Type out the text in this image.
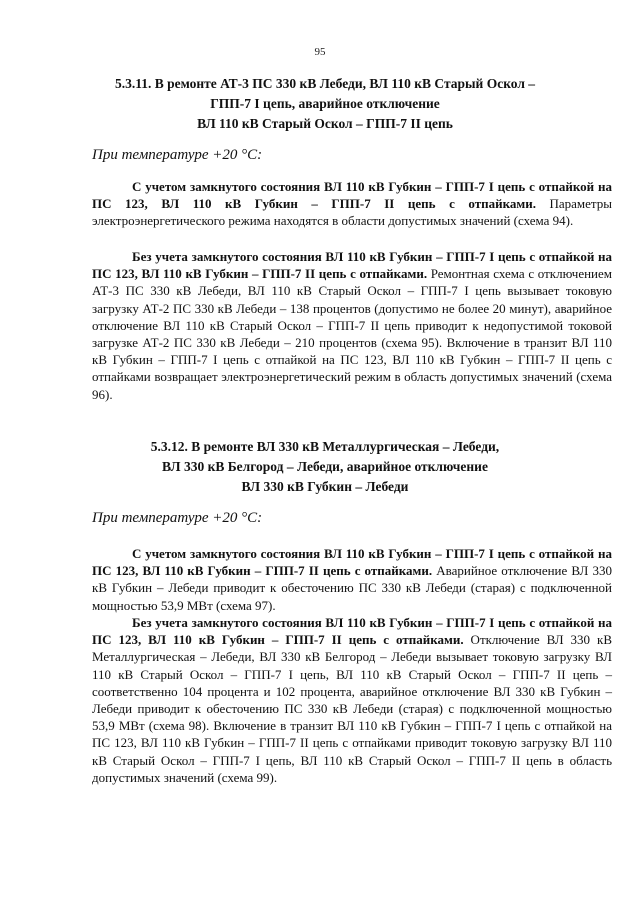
95
5.3.11. В ремонте АТ-3 ПС 330 кВ Лебеди, ВЛ 110 кВ Старый Оскол –
ГПП-7 I цепь, аварийное отключение
ВЛ 110 кВ Старый Оскол – ГПП-7 II цепь
При температуре +20 °С:
С учетом замкнутого состояния ВЛ 110 кВ Губкин – ГПП-7 I цепь с отпайкой на ПС 123, ВЛ 110 кВ Губкин – ГПП-7 II цепь с отпайками. Параметры электроэнергетического режима находятся в области допустимых значений (схема 94).
Без учета замкнутого состояния ВЛ 110 кВ Губкин – ГПП-7 I цепь с отпайкой на ПС 123, ВЛ 110 кВ Губкин – ГПП-7 II цепь с отпайками. Ремонтная схема с отключением АТ-3 ПС 330 кВ Лебеди, ВЛ 110 кВ Старый Оскол – ГПП-7 I цепь вызывает токовую загрузку АТ-2 ПС 330 кВ Лебеди – 138 процентов (допустимо не более 20 минут), аварийное отключение ВЛ 110 кВ Старый Оскол – ГПП-7 II цепь приводит к недопустимой токовой загрузке АТ-2 ПС 330 кВ Лебеди – 210 процентов (схема 95). Включение в транзит ВЛ 110 кВ Губкин – ГПП-7 I цепь с отпайкой на ПС 123, ВЛ 110 кВ Губкин – ГПП-7 II цепь с отпайками возвращает электроэнергетический режим в область допустимых значений (схема 96).
5.3.12. В ремонте ВЛ 330 кВ Металлургическая – Лебеди,
ВЛ 330 кВ Белгород – Лебеди, аварийное отключение
ВЛ 330 кВ Губкин – Лебеди
При температуре +20 °С:
С учетом замкнутого состояния ВЛ 110 кВ Губкин – ГПП-7 I цепь с отпайкой на ПС 123, ВЛ 110 кВ Губкин – ГПП-7 II цепь с отпайками. Аварийное отключение ВЛ 330 кВ Губкин – Лебеди приводит к обесточению ПС 330 кВ Лебеди (старая) с подключенной мощностью 53,9 МВт (схема 97).
Без учета замкнутого состояния ВЛ 110 кВ Губкин – ГПП-7 I цепь с отпайкой на ПС 123, ВЛ 110 кВ Губкин – ГПП-7 II цепь с отпайками. Отключение ВЛ 330 кВ Металлургическая – Лебеди, ВЛ 330 кВ Белгород – Лебеди вызывает токовую загрузку ВЛ 110 кВ Старый Оскол – ГПП-7 I цепь, ВЛ 110 кВ Старый Оскол – ГПП-7 II цепь – соответственно 104 процента и 102 процента, аварийное отключение ВЛ 330 кВ Губкин – Лебеди приводит к обесточению ПС 330 кВ Лебеди (старая) с подключенной мощностью 53,9 МВт (схема 98). Включение в транзит ВЛ 110 кВ Губкин – ГПП-7 I цепь с отпайкой на ПС 123, ВЛ 110 кВ Губкин – ГПП-7 II цепь с отпайками приводит токовую загрузку ВЛ 110 кВ Старый Оскол – ГПП-7 I цепь, ВЛ 110 кВ Старый Оскол – ГПП-7 II цепь в область допустимых значений (схема 99).
